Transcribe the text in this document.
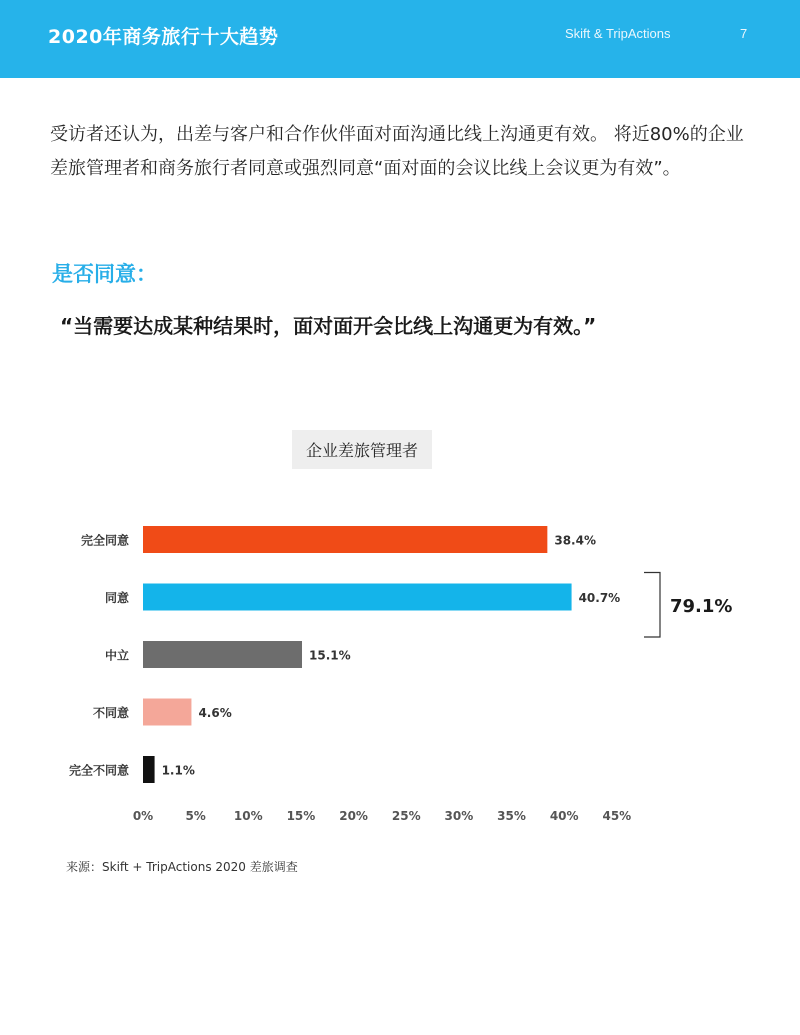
2020年商务旅行十大趋势	Skift & TripActions	7
受访者还认为，出差与客户和合作伙伴面对面沟通比线上沟通更有效。 将近80%的企业差旅管理者和商务旅行者同意或强烈同意“面对面的会议比线上会议更为有效”。
是否同意：
“当需要达成某种结果时，面对面开会比线上沟通更为有效。”
企业差旅管理者
完全同意	38.4%
同意	40.7%
中立	15.1%
不同意	4.6%
完全不同意	1.1%
0%	5% 10% 15% 20% 25% 30% 35% 40% 45%
79.1%
来源：Skift + TripActions 2020 差旅调查
